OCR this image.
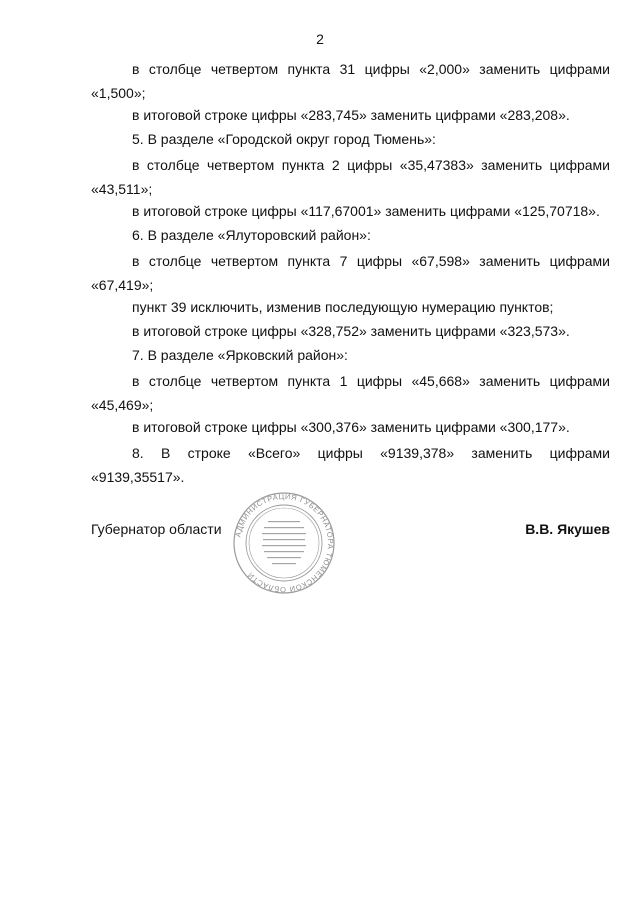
2

в столбце четвертом пункта 31 цифры «2,000» заменить цифрами «1,500»;

в итоговой строке цифры «283,745» заменить цифрами «283,208».

5. В разделе «Городской округ город Тюмень»:

в столбце четвертом пункта 2 цифры «35,47383» заменить цифрами «43,511»;

в итоговой строке цифры «117,67001» заменить цифрами «125,70718».

6. В разделе «Ялуторовский район»:

в столбце четвертом пункта 7 цифры «67,598» заменить цифрами «67,419»;

пункт 39 исключить, изменив последующую нумерацию пунктов;

в итоговой строке цифры «328,752» заменить цифрами «323,573».

7. В разделе «Ярковский район»:

в столбце четвертом пункта 1 цифры «45,668» заменить цифрами «45,469»;

в итоговой строке цифры «300,376» заменить цифрами «300,177».

8. В строке «Всего» цифры «9139,378» заменить цифрами «9139,35517».

АДМИНИСТРАЦИЯ ГУБЕРНАТОРА ТЮМЕНСКОЙ ОБЛАСТИ
Губернатор области	В.В. Якушев
